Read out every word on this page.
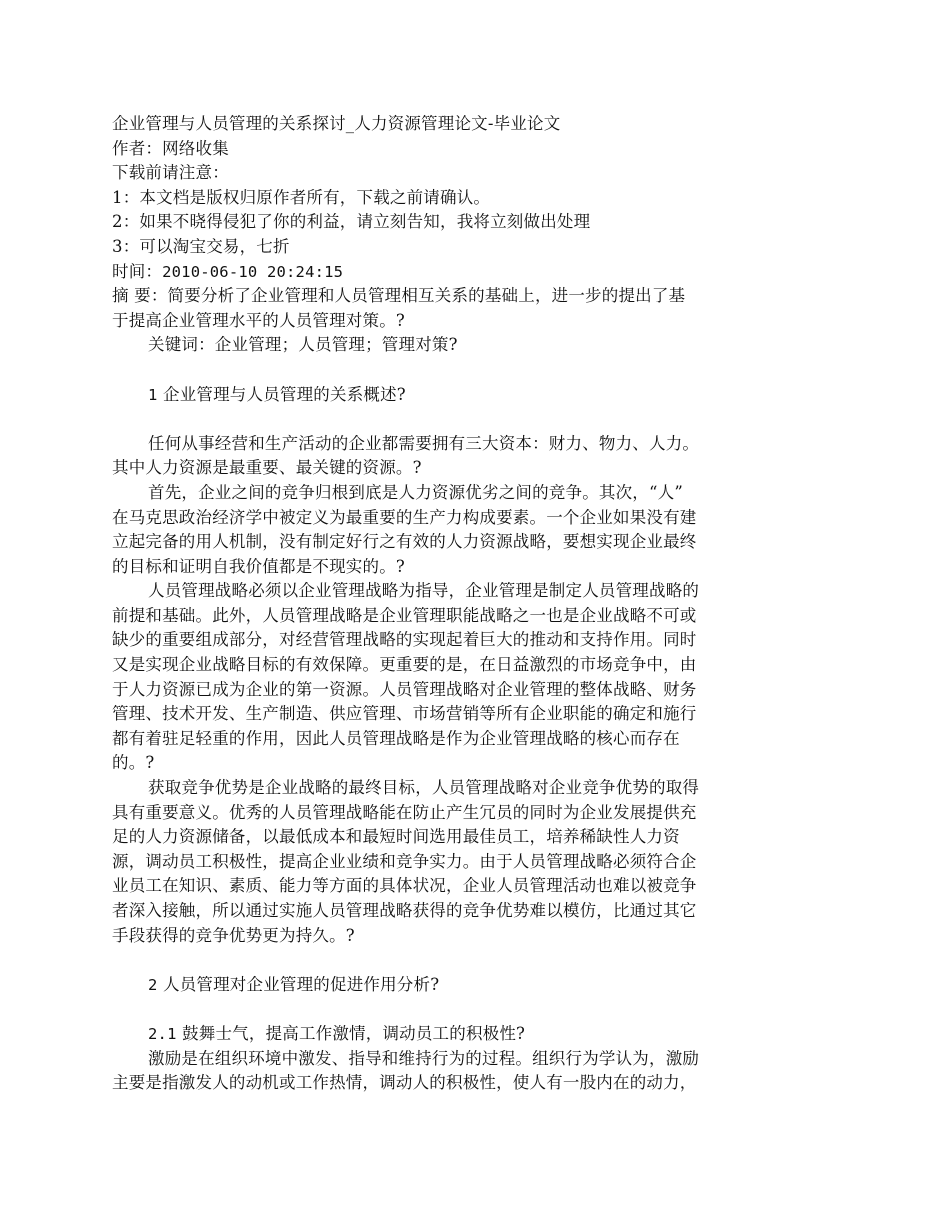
企业管理与人员管理的关系探讨_人力资源管理论文-毕业论文
作者：网络收集
下载前请注意：
1：本文档是版权归原作者所有，下载之前请确认。
2：如果不晓得侵犯了你的利益，请立刻告知，我将立刻做出处理
3：可以淘宝交易，七折
时间：2010-06-10 20:24:15
摘 要：简要分析了企业管理和人员管理相互关系的基础上，进一步的提出了基
于提高企业管理水平的人员管理对策。?
关键词：企业管理；人员管理；管理对策?
1 企业管理与人员管理的关系概述?
任何从事经营和生产活动的企业都需要拥有三大资本：财力、物力、人力。
其中人力资源是最重要、最关键的资源。?
首先，企业之间的竞争归根到底是人力资源优劣之间的竞争。其次，“人”
在马克思政治经济学中被定义为最重要的生产力构成要素。一个企业如果没有建
立起完备的用人机制，没有制定好行之有效的人力资源战略，要想实现企业最终
的目标和证明自我价值都是不现实的。?
人员管理战略必须以企业管理战略为指导，企业管理是制定人员管理战略的
前提和基础。此外，人员管理战略是企业管理职能战略之一也是企业战略不可或
缺少的重要组成部分，对经营管理战略的实现起着巨大的推动和支持作用。同时
又是实现企业战略目标的有效保障。更重要的是，在日益激烈的市场竞争中，由
于人力资源已成为企业的第一资源。人员管理战略对企业管理的整体战略、财务
管理、技术开发、生产制造、供应管理、市场营销等所有企业职能的确定和施行
都有着驻足轻重的作用，因此人员管理战略是作为企业管理战略的核心而存在
的。?
获取竞争优势是企业战略的最终目标，人员管理战略对企业竞争优势的取得
具有重要意义。优秀的人员管理战略能在防止产生冗员的同时为企业发展提供充
足的人力资源储备，以最低成本和最短时间选用最佳员工，培养稀缺性人力资
源，调动员工积极性，提高企业业绩和竞争实力。由于人员管理战略必须符合企
业员工在知识、素质、能力等方面的具体状况，企业人员管理活动也难以被竞争
者深入接触，所以通过实施人员管理战略获得的竞争优势难以模仿，比通过其它
手段获得的竞争优势更为持久。?
2 人员管理对企业管理的促进作用分析?
2.1 鼓舞士气，提高工作激情，调动员工的积极性?
激励是在组织环境中激发、指导和维持行为的过程。组织行为学认为，激励
主要是指激发人的动机或工作热情，调动人的积极性，使人有一股内在的动力，
